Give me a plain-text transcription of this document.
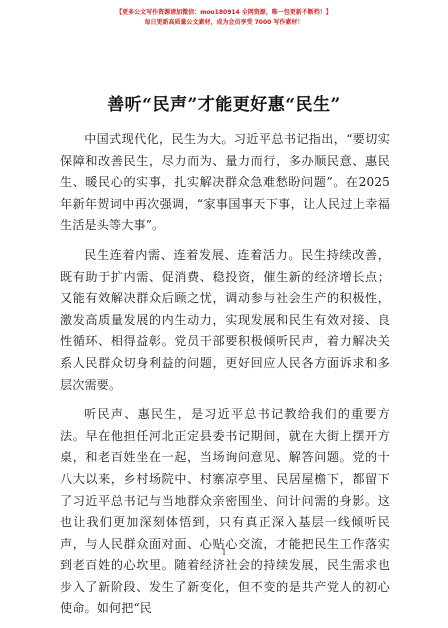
【更多公文写作资源请加微信：moo180914 全网资源，唯一包更新不断档！】
每日更新高质量公文素材，成为会员享受 7000 写作素材！
善听“民声”才能更好惠“民生”

中国式现代化，民生为大。习近平总书记指出，“要切实保障和改善民生，尽力而为、量力而行，多办顺民意、惠民生、暖民心的实事，扎实解决群众急难愁盼问题”。在2025年新年贺词中再次强调，“家事国事天下事，让人民过上幸福生活是头等大事”。

民生连着内需、连着发展、连着活力。民生持续改善，既有助于扩内需、促消费、稳投资，催生新的经济增长点；又能有效解决群众后顾之忧，调动参与社会生产的积极性，激发高质量发展的内生动力，实现发展和民生有效对接、良性循环、相得益彰。党员干部要积极倾听民声，着力解决关系人民群众切身利益的问题，更好回应人民各方面诉求和多层次需要。

听民声、惠民生，是习近平总书记教给我们的重要方法。早在他担任河北正定县委书记期间，就在大街上摆开方桌，和老百姓坐在一起，当场询问意见、解答问题。党的十八大以来，乡村场院中、村寨凉亭里、民居屋檐下，都留下了习近平总书记与当地群众亲密围坐、问计问需的身影。这也让我们更加深刻体悟到，只有真正深入基层一线倾听民声，与人民群众面对面、心贴心交流，才能把民生工作落实到老百姓的心坎里。随着经济社会的持续发展，民生需求也步入了新阶段、发生了新变化，但不变的是共产党人的初心使命。如何把“民

1
